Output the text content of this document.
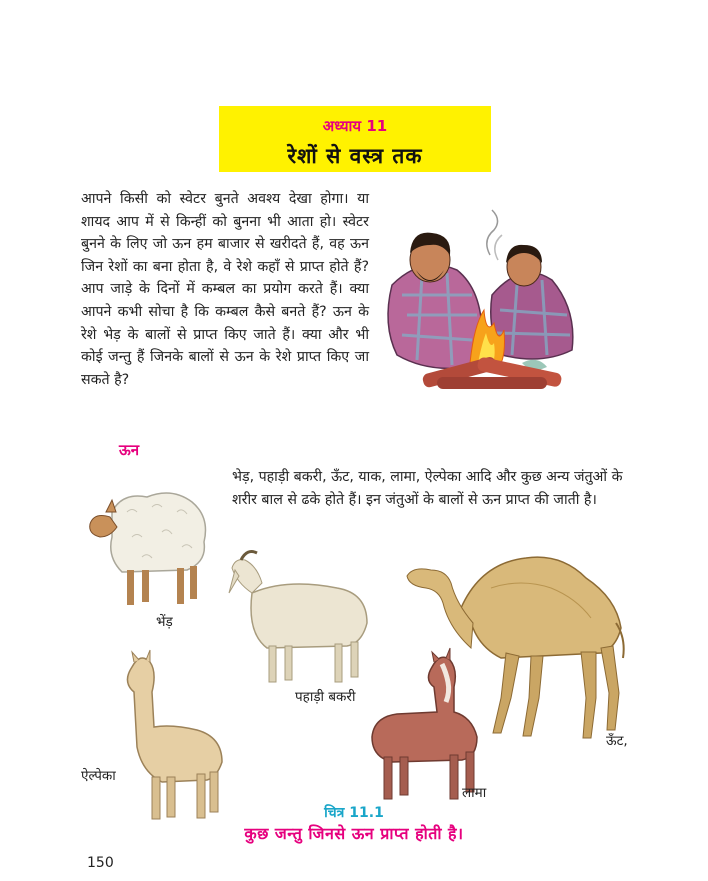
अध्याय 11
रेशों से वस्त्र तक
आपने किसी को स्वेटर बुनते अवश्य देखा होगा। या शायद आप में से किन्हीं को बुनना भी आता हो। स्वेटर बुनने के लिए जो ऊन हम बाजार से खरीदते हैं, वह ऊन जिन रेशों का बना होता है, वे रेशे कहाँ से प्राप्त होते हैं?आप जाड़े के दिनों में कम्बल का प्रयोग करते हैं। क्या आपने कभी सोचा है कि कम्बल कैसे बनते हैं? ऊन के रेशे भेड़ के बालों से प्राप्त किए जाते हैं। क्या और भी कोई जन्तु हैं जिनके बालों से ऊन के रेशे प्राप्त किए जा सकते है?
ऊन
भेड़, पहाड़ी बकरी, ऊँट, याक, लामा, ऐल्पेका आदि और कुछ अन्य जंतुओं के शरीर बाल से ढके होते हैं। इन जंतुओं के बालों से ऊन प्राप्त की जाती है।
भेंड़
पहाड़ी बकरी
ऊँट,
ऐल्पेका
लामा
चित्र 11.1
कुछ जन्तु जिनसे ऊन प्राप्त होती है।
150
